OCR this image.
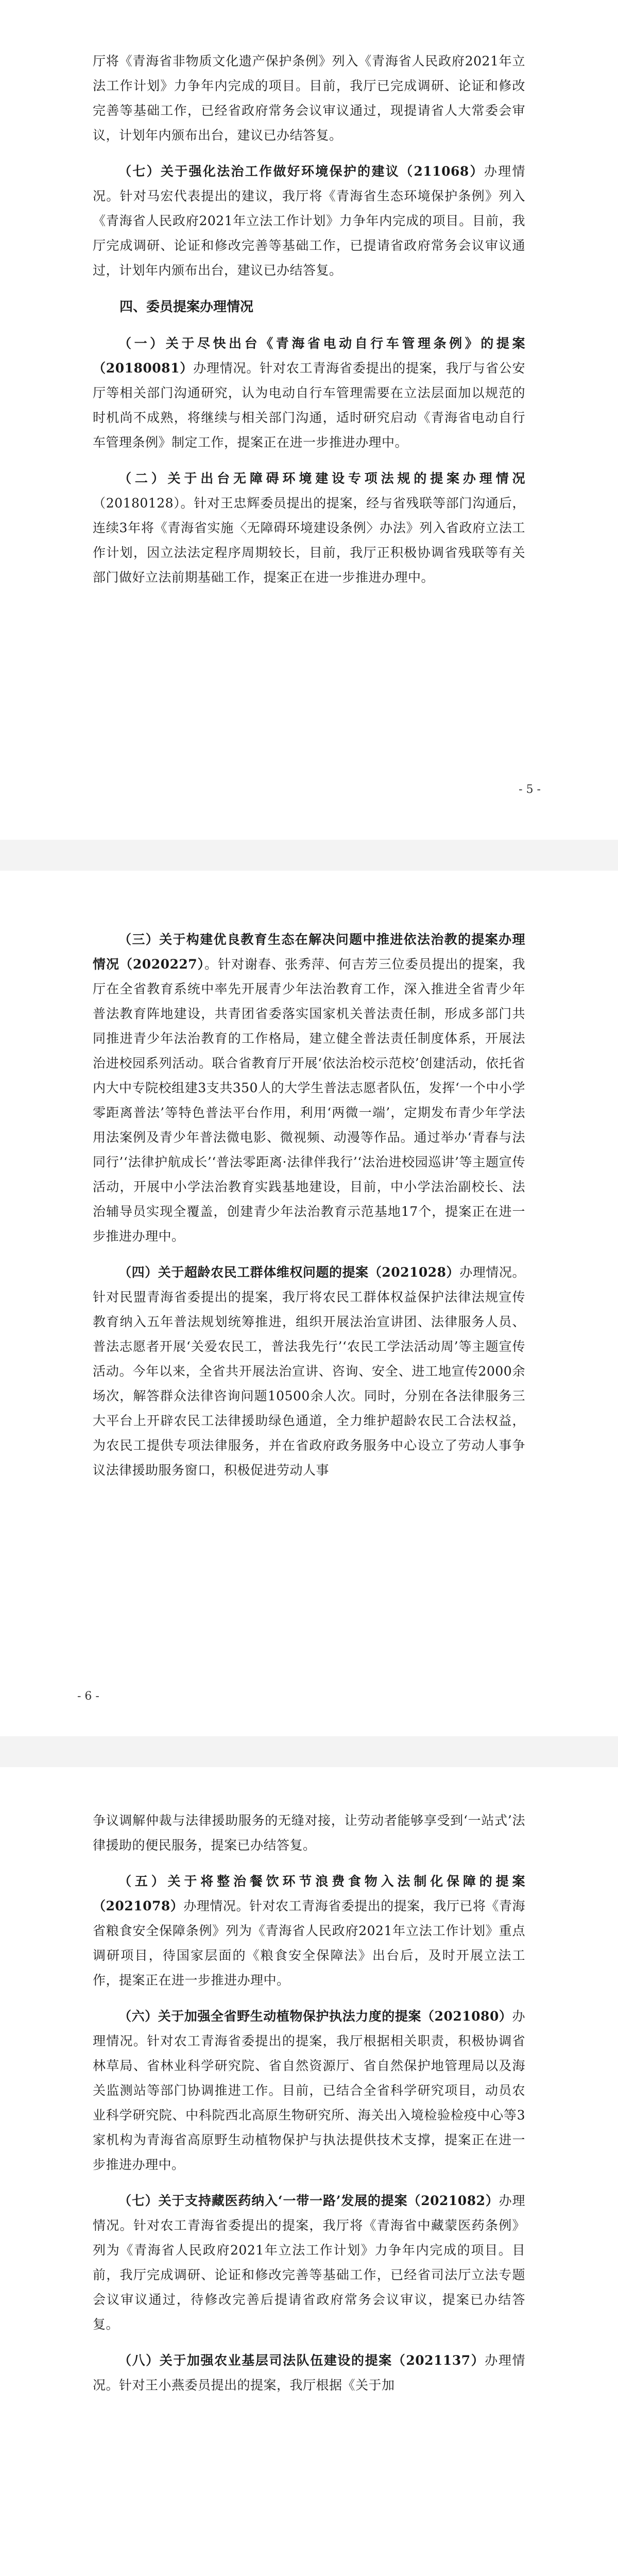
厅将《青海省非物质文化遗产保护条例》列入《青海省人民政府2021年立法工作计划》力争年内完成的项目。目前，我厅已完成调研、论证和修改完善等基础工作，已经省政府常务会议审议通过，现提请省人大常委会审议，计划年内颁布出台，建议已办结答复。

（七）关于强化法治工作做好环境保护的建议（211068）办理情况。针对马宏代表提出的建议，我厅将《青海省生态环境保护条例》列入《青海省人民政府2021年立法工作计划》力争年内完成的项目。目前，我厅完成调研、论证和修改完善等基础工作，已提请省政府常务会议审议通过，计划年内颁布出台，建议已办结答复。

四、委员提案办理情况

（一）关于尽快出台《青海省电动自行车管理条例》的提案（20180081）办理情况。针对农工青海省委提出的提案，我厅与省公安厅等相关部门沟通研究，认为电动自行车管理需要在立法层面加以规范的时机尚不成熟，将继续与相关部门沟通，适时研究启动《青海省电动自行车管理条例》制定工作，提案正在进一步推进办理中。

（二）关于出台无障碍环境建设专项法规的提案办理情况（20180128）。针对王忠辉委员提出的提案，经与省残联等部门沟通后，连续3年将《青海省实施〈无障碍环境建设条例〉办法》列入省政府立法工作计划，因立法法定程序周期较长，目前，我厅正积极协调省残联等有关部门做好立法前期基础工作，提案正在进一步推进办理中。

- 5 -

（三）关于构建优良教育生态在解决问题中推进依法治教的提案办理情况（2020227）。针对谢春、张秀萍、何吉芳三位委员提出的提案，我厅在全省教育系统中率先开展青少年法治教育工作，深入推进全省青少年普法教育阵地建设，共青团省委落实国家机关普法责任制，形成多部门共同推进青少年法治教育的工作格局，建立健全普法责任制度体系，开展法治进校园系列活动。联合省教育厅开展‘依法治校示范校’创建活动，依托省内大中专院校组建3支共350人的大学生普法志愿者队伍，发挥‘一个中小学零距离普法’等特色普法平台作用，利用‘两微一端’，定期发布青少年学法用法案例及青少年普法微电影、微视频、动漫等作品。通过举办‘青春与法同行’‘法律护航成长’‘普法零距离·法律伴我行’‘法治进校园巡讲’等主题宣传活动，开展中小学法治教育实践基地建设，目前，中小学法治副校长、法治辅导员实现全覆盖，创建青少年法治教育示范基地17个，提案正在进一步推进办理中。

（四）关于超龄农民工群体维权问题的提案（2021028）办理情况。针对民盟青海省委提出的提案，我厅将农民工群体权益保护法律法规宣传教育纳入五年普法规划统筹推进，组织开展法治宣讲团、法律服务人员、普法志愿者开展‘关爱农民工，普法我先行’‘农民工学法活动周’等主题宣传活动。今年以来，全省共开展法治宣讲、咨询、安全、进工地宣传2000余场次，解答群众法律咨询问题10500余人次。同时，分别在各法律服务三大平台上开辟农民工法律援助绿色通道，全力维护超龄农民工合法权益，为农民工提供专项法律服务，并在省政府政务服务中心设立了劳动人事争议法律援助服务窗口，积极促进劳动人事

- 6 -

争议调解仲裁与法律援助服务的无缝对接，让劳动者能够享受到‘一站式’法律援助的便民服务，提案已办结答复。

（五）关于将整治餐饮环节浪费食物入法制化保障的提案（2021078）办理情况。针对农工青海省委提出的提案，我厅已将《青海省粮食安全保障条例》列为《青海省人民政府2021年立法工作计划》重点调研项目，待国家层面的《粮食安全保障法》出台后，及时开展立法工作，提案正在进一步推进办理中。

（六）关于加强全省野生动植物保护执法力度的提案（2021080）办理情况。针对农工青海省委提出的提案，我厅根据相关职责，积极协调省林草局、省林业科学研究院、省自然资源厅、省自然保护地管理局以及海关监测站等部门协调推进工作。目前，已结合全省科学研究项目，动员农业科学研究院、中科院西北高原生物研究所、海关出入境检验检疫中心等3家机构为青海省高原野生动植物保护与执法提供技术支撑，提案正在进一步推进办理中。

（七）关于支持藏医药纳入‘一带一路’发展的提案（2021082）办理情况。针对农工青海省委提出的提案，我厅将《青海省中藏蒙医药条例》列为《青海省人民政府2021年立法工作计划》力争年内完成的项目。目前，我厅完成调研、论证和修改完善等基础工作，已经省司法厅立法专题会议审议通过，待修改完善后提请省政府常务会议审议，提案已办结答复。

（八）关于加强农业基层司法队伍建设的提案（2021137）办理情况。针对王小燕委员提出的提案，我厅根据《关于加
